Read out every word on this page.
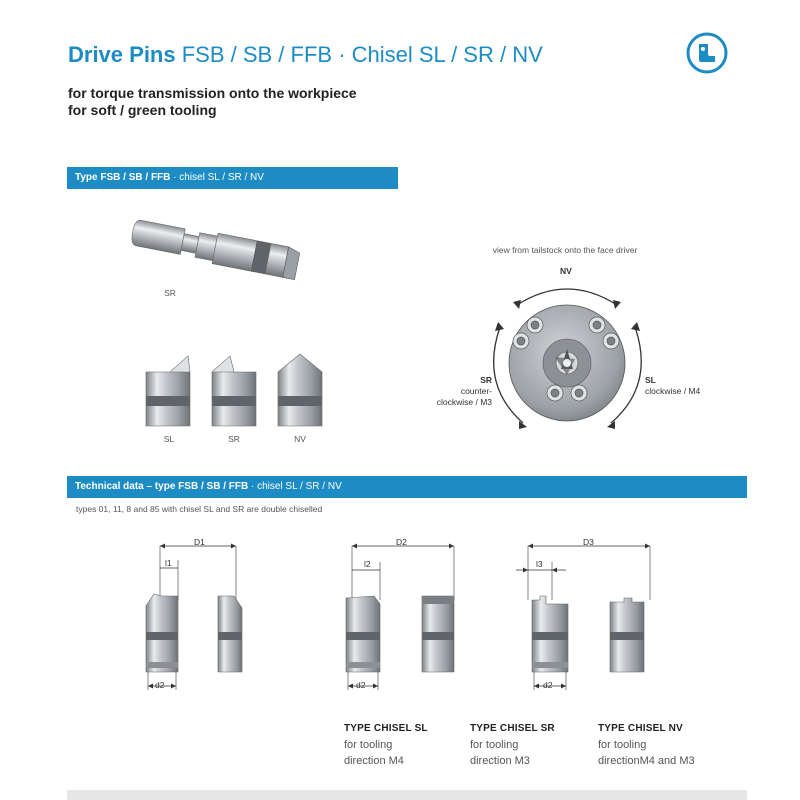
Drive Pins FSB / SB / FFB · Chisel SL / SR / NV
for torque transmission onto the workpiece
for soft / green tooling
Type FSB / SB / FFB · chisel SL / SR / NV
SR
SL	SR	NV
view from tailstock onto the face driver
NV
SR
counter-
clockwise / M3
SL
clockwise / M4
Technical data – type FSB / SB / FFB · chisel SL / SR / NV
types 01, 11, 8 and 85 with chisel SL and SR are double chiselled
D1
l1
d2
D2
l2
d2
D3
l3
d2
TYPE CHISEL SL
for tooling
direction M4
TYPE CHISEL SR
for tooling
direction M3
TYPE CHISEL NV
for tooling
directionM4 and M3
